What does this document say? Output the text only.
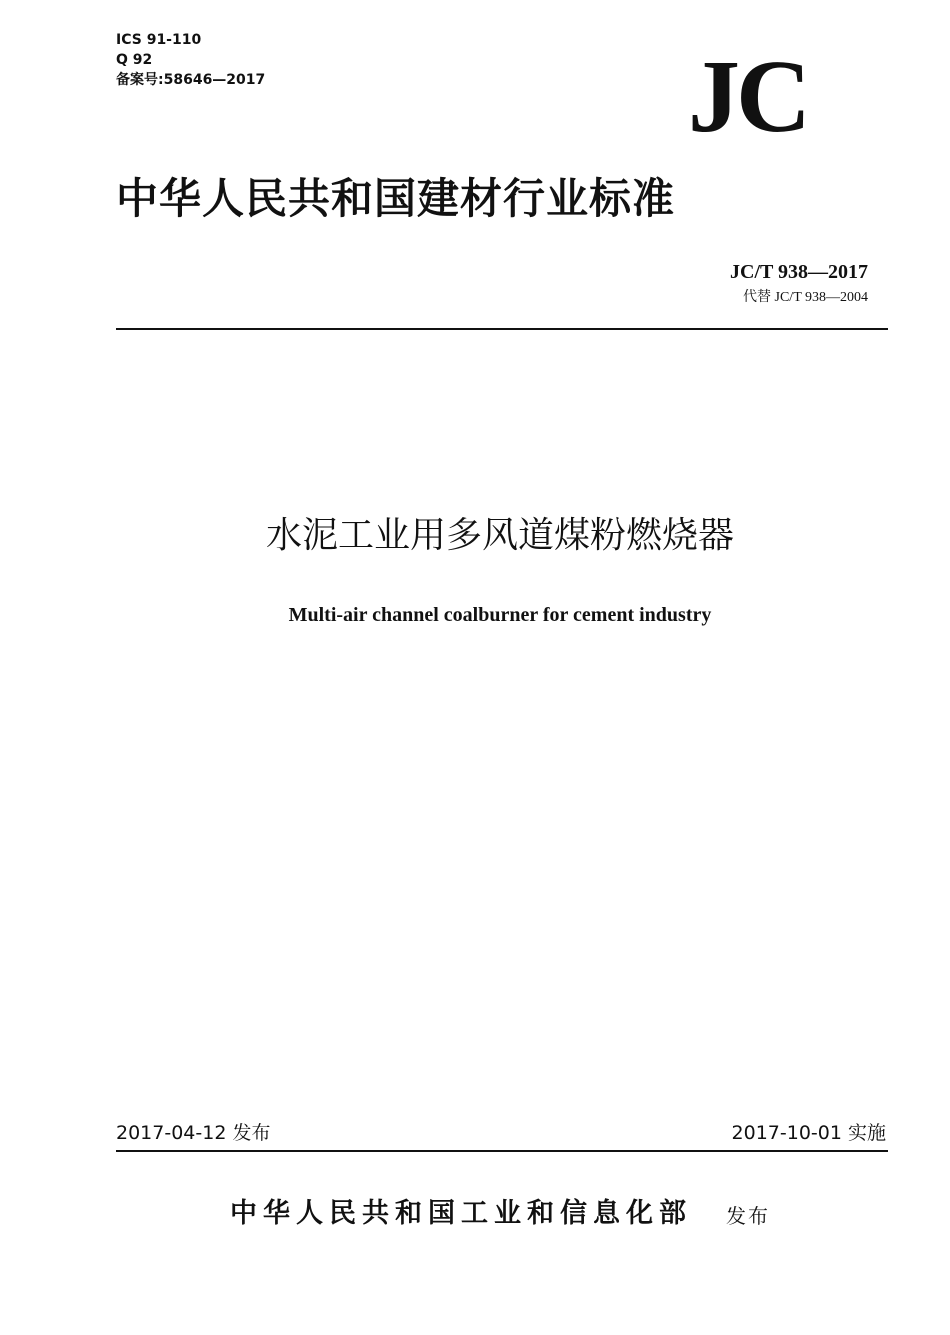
ICS 91-110
Q 92
备案号:58646—2017	JC
中华人民共和国建材行业标准
JC/T 938—2017
代替 JC/T 938—2004
水泥工业用多风道煤粉燃烧器
Multi-air channel coalburner for cement industry
2017-04-12 发布	2017-10-01 实施
中华人民共和国工业和信息化部 发布
